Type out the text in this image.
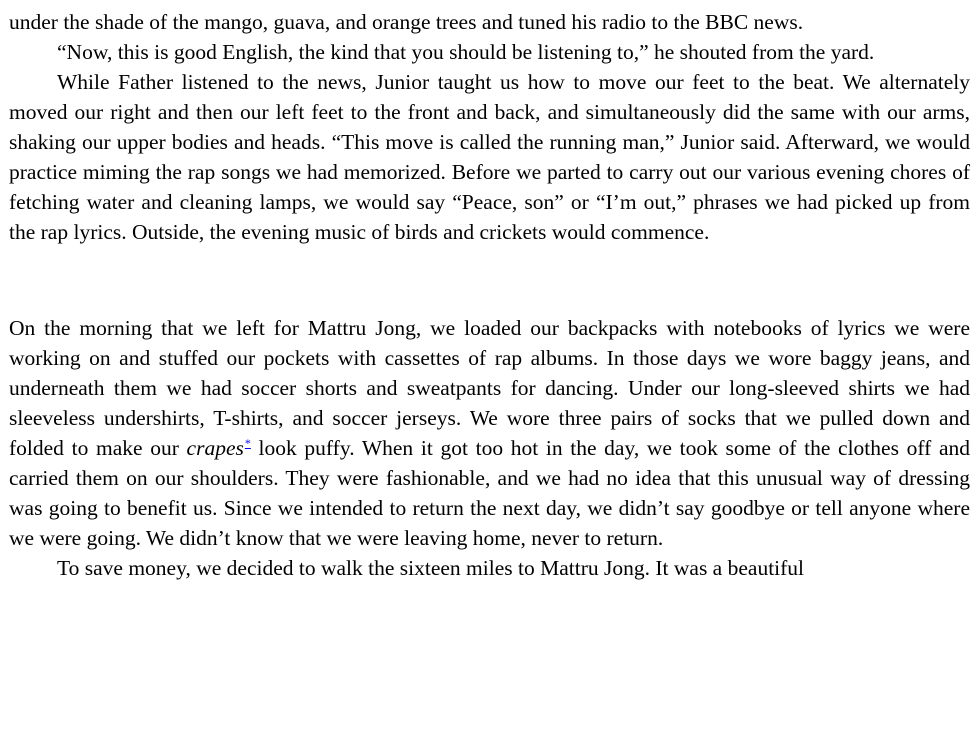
under the shade of the mango, guava, and orange trees and tuned his radio to the BBC news.

“Now, this is good English, the kind that you should be listening to,” he shouted from the yard.

While Father listened to the news, Junior taught us how to move our feet to the beat. We alternately moved our right and then our left feet to the front and back, and simultaneously did the same with our arms, shaking our upper bodies and heads. “This move is called the running man,” Junior said. Afterward, we would practice miming the rap songs we had memorized. Before we parted to carry out our various evening chores of fetching water and cleaning lamps, we would say “Peace, son” or “I’m out,” phrases we had picked up from the rap lyrics. Outside, the evening music of birds and crickets would commence.

On the morning that we left for Mattru Jong, we loaded our backpacks with notebooks of lyrics we were working on and stuffed our pockets with cassettes of rap albums. In those days we wore baggy jeans, and underneath them we had soccer shorts and sweatpants for dancing. Under our long-sleeved shirts we had sleeveless undershirts, T-shirts, and soccer jerseys. We wore three pairs of socks that we pulled down and folded to make our crapes* look puffy. When it got too hot in the day, we took some of the clothes off and carried them on our shoulders. They were fashionable, and we had no idea that this unusual way of dressing was going to benefit us. Since we intended to return the next day, we didn’t say goodbye or tell anyone where we were going. We didn’t know that we were leaving home, never to return.

To save money, we decided to walk the sixteen miles to Mattru Jong. It was a beautiful
